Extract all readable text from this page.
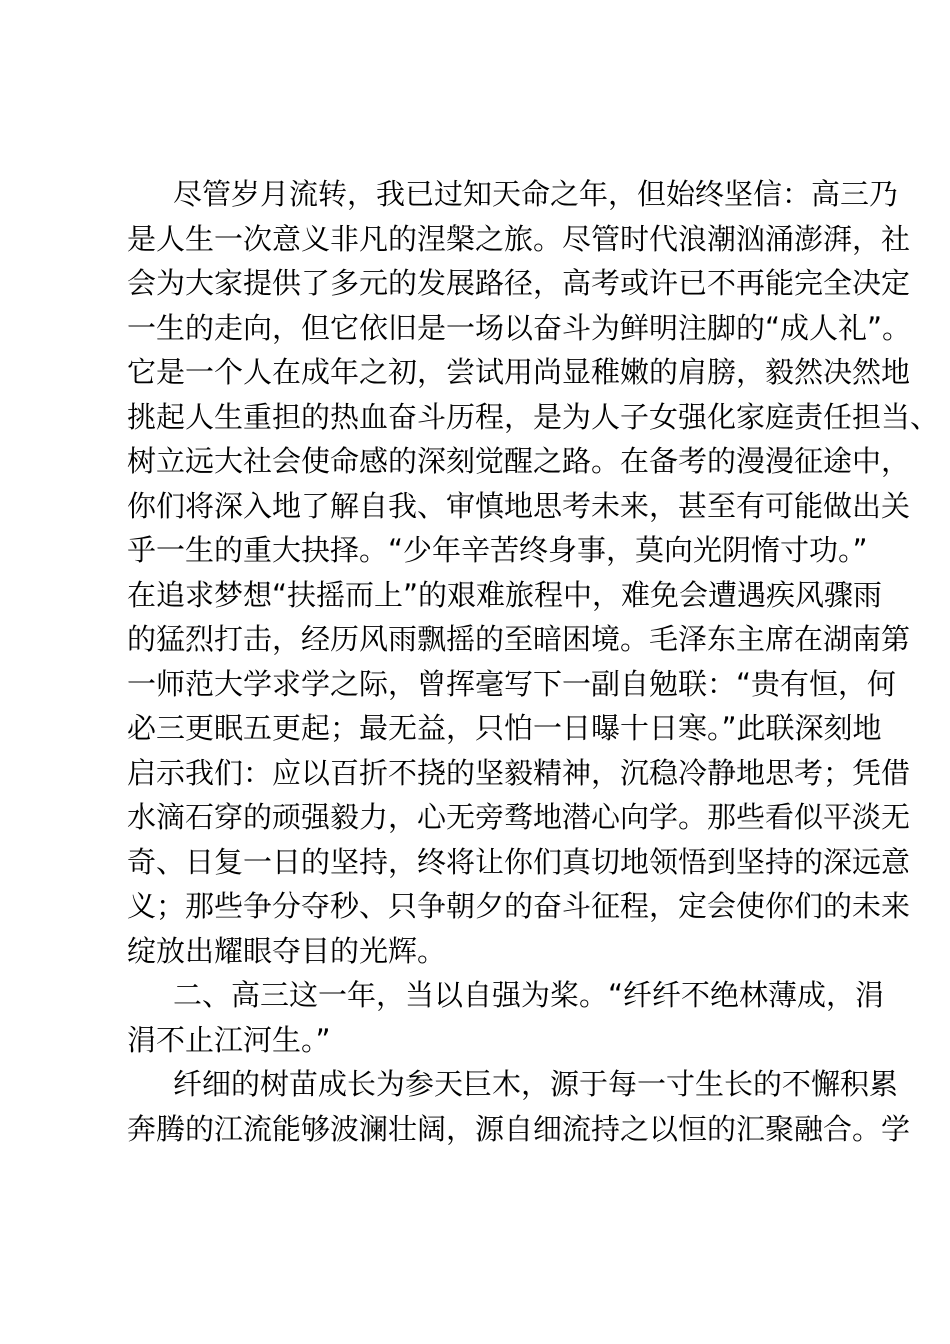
尽管岁月流转，我已过知天命之年，但始终坚信：高三乃
是人生一次意义非凡的涅槃之旅。尽管时代浪潮汹涌澎湃，社
会为大家提供了多元的发展路径，高考或许已不再能完全决定
一生的走向，但它依旧是一场以奋斗为鲜明注脚的“成人礼”。
它是一个人在成年之初，尝试用尚显稚嫩的肩膀，毅然决然地
挑起人生重担的热血奋斗历程，是为人子女强化家庭责任担当、
树立远大社会使命感的深刻觉醒之路。在备考的漫漫征途中，
你们将深入地了解自我、审慎地思考未来，甚至有可能做出关
乎一生的重大抉择。“少年辛苦终身事，莫向光阴惰寸功。”
在追求梦想“扶摇而上”的艰难旅程中，难免会遭遇疾风骤雨
的猛烈打击，经历风雨飘摇的至暗困境。毛泽东主席在湖南第
一师范大学求学之际，曾挥毫写下一副自勉联：“贵有恒，何
必三更眠五更起；最无益，只怕一日曝十日寒。”此联深刻地
启示我们：应以百折不挠的坚毅精神，沉稳冷静地思考；凭借
水滴石穿的顽强毅力，心无旁骛地潜心向学。那些看似平淡无
奇、日复一日的坚持，终将让你们真切地领悟到坚持的深远意
义；那些争分夺秒、只争朝夕的奋斗征程，定会使你们的未来
绽放出耀眼夺目的光辉。

二、高三这一年，当以自强为桨。“纤纤不绝林薄成，涓
涓不止江河生。”

纤细的树苗成长为参天巨木，源于每一寸生长的不懈积累
奔腾的江流能够波澜壮阔，源自细流持之以恒的汇聚融合。学
